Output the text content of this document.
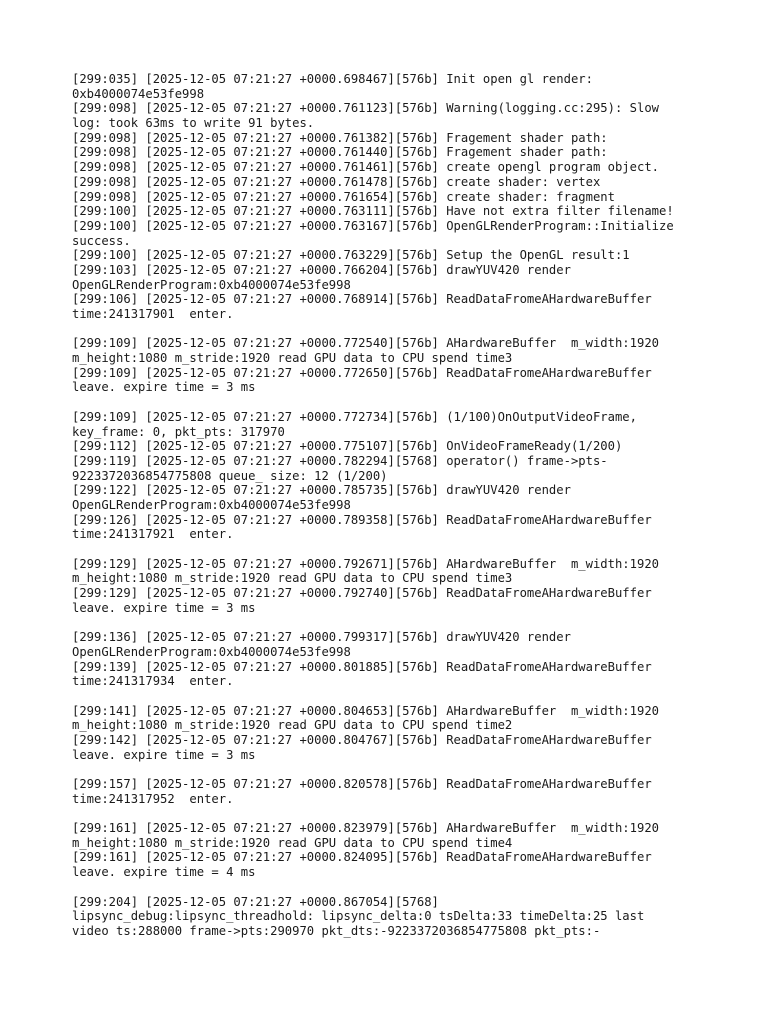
[299:035] [2025-12-05 07:21:27 +0000.698467][576b] Init open gl render:
0xb4000074e53fe998
[299:098] [2025-12-05 07:21:27 +0000.761123][576b] Warning(logging.cc:295): Slow
log: took 63ms to write 91 bytes.
[299:098] [2025-12-05 07:21:27 +0000.761382][576b] Fragement shader path:
[299:098] [2025-12-05 07:21:27 +0000.761440][576b] Fragement shader path:
[299:098] [2025-12-05 07:21:27 +0000.761461][576b] create opengl program object.
[299:098] [2025-12-05 07:21:27 +0000.761478][576b] create shader: vertex
[299:098] [2025-12-05 07:21:27 +0000.761654][576b] create shader: fragment
[299:100] [2025-12-05 07:21:27 +0000.763111][576b] Have not extra filter filename!
[299:100] [2025-12-05 07:21:27 +0000.763167][576b] OpenGLRenderProgram::Initialize
success.
[299:100] [2025-12-05 07:21:27 +0000.763229][576b] Setup the OpenGL result:1
[299:103] [2025-12-05 07:21:27 +0000.766204][576b] drawYUV420 render
OpenGLRenderProgram:0xb4000074e53fe998
[299:106] [2025-12-05 07:21:27 +0000.768914][576b] ReadDataFromeAHardwareBuffer
time:241317901  enter.
[299:109] [2025-12-05 07:21:27 +0000.772540][576b] AHardwareBuffer  m_width:1920
m_height:1080 m_stride:1920 read GPU data to CPU spend time3
[299:109] [2025-12-05 07:21:27 +0000.772650][576b] ReadDataFromeAHardwareBuffer
leave. expire time = 3 ms
[299:109] [2025-12-05 07:21:27 +0000.772734][576b] (1/100)OnOutputVideoFrame,
key_frame: 0, pkt_pts: 317970
[299:112] [2025-12-05 07:21:27 +0000.775107][576b] OnVideoFrameReady(1/200)
[299:119] [2025-12-05 07:21:27 +0000.782294][5768] operator() frame->pts-
9223372036854775808 queue_ size: 12 (1/200)
[299:122] [2025-12-05 07:21:27 +0000.785735][576b] drawYUV420 render
OpenGLRenderProgram:0xb4000074e53fe998
[299:126] [2025-12-05 07:21:27 +0000.789358][576b] ReadDataFromeAHardwareBuffer
time:241317921  enter.
[299:129] [2025-12-05 07:21:27 +0000.792671][576b] AHardwareBuffer  m_width:1920
m_height:1080 m_stride:1920 read GPU data to CPU spend time3
[299:129] [2025-12-05 07:21:27 +0000.792740][576b] ReadDataFromeAHardwareBuffer
leave. expire time = 3 ms
[299:136] [2025-12-05 07:21:27 +0000.799317][576b] drawYUV420 render
OpenGLRenderProgram:0xb4000074e53fe998
[299:139] [2025-12-05 07:21:27 +0000.801885][576b] ReadDataFromeAHardwareBuffer
time:241317934  enter.
[299:141] [2025-12-05 07:21:27 +0000.804653][576b] AHardwareBuffer  m_width:1920
m_height:1080 m_stride:1920 read GPU data to CPU spend time2
[299:142] [2025-12-05 07:21:27 +0000.804767][576b] ReadDataFromeAHardwareBuffer
leave. expire time = 3 ms
[299:157] [2025-12-05 07:21:27 +0000.820578][576b] ReadDataFromeAHardwareBuffer
time:241317952  enter.
[299:161] [2025-12-05 07:21:27 +0000.823979][576b] AHardwareBuffer  m_width:1920
m_height:1080 m_stride:1920 read GPU data to CPU spend time4
[299:161] [2025-12-05 07:21:27 +0000.824095][576b] ReadDataFromeAHardwareBuffer
leave. expire time = 4 ms
[299:204] [2025-12-05 07:21:27 +0000.867054][5768]
lipsync_debug:lipsync_threadhold: lipsync_delta:0 tsDelta:33 timeDelta:25 last
video ts:288000 frame->pts:290970 pkt_dts:-9223372036854775808 pkt_pts:-
